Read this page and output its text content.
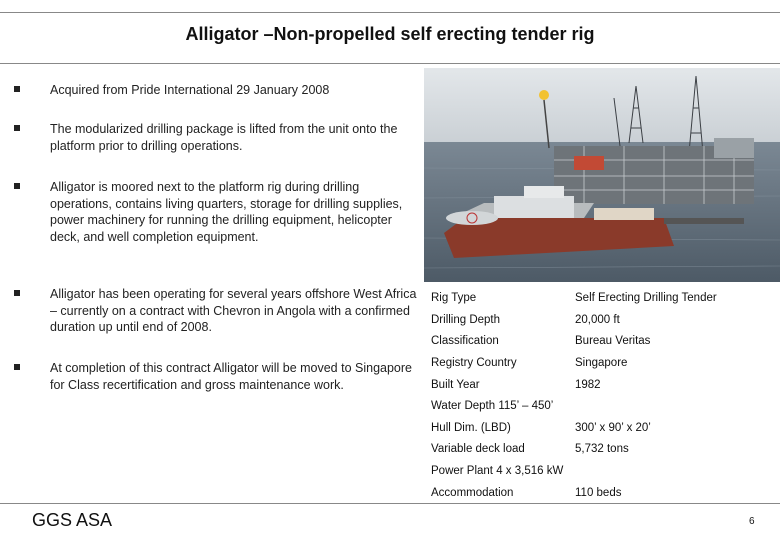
Alligator –Non-propelled self erecting tender rig
Acquired from Pride International 29 January 2008
The modularized drilling package is lifted from the unit onto the platform prior to drilling operations.
Alligator is moored next to the platform rig during drilling operations, contains living quarters, storage for drilling supplies, power machinery for running the drilling equipment, helicopter deck, and well completion equipment.
Alligator has been operating for several years offshore West Africa – currently on a contract with Chevron in Angola with a confirmed duration up until end of 2008.
At completion of this contract Alligator will be moved to Singapore for Class recertification and gross maintenance work.
Rig Type	Self Erecting Drilling Tender
Drilling Depth	20,000 ft
Classification	Bureau Veritas
Registry Country	Singapore
Built Year	1982
Water Depth 115’ – 450’
Hull Dim. (LBD)	300’ x 90’ x 20’
Variable deck load	5,732 tons
Power Plant 4 x 3,516 kW
Accommodation	110 beds
GGS ASA	6
